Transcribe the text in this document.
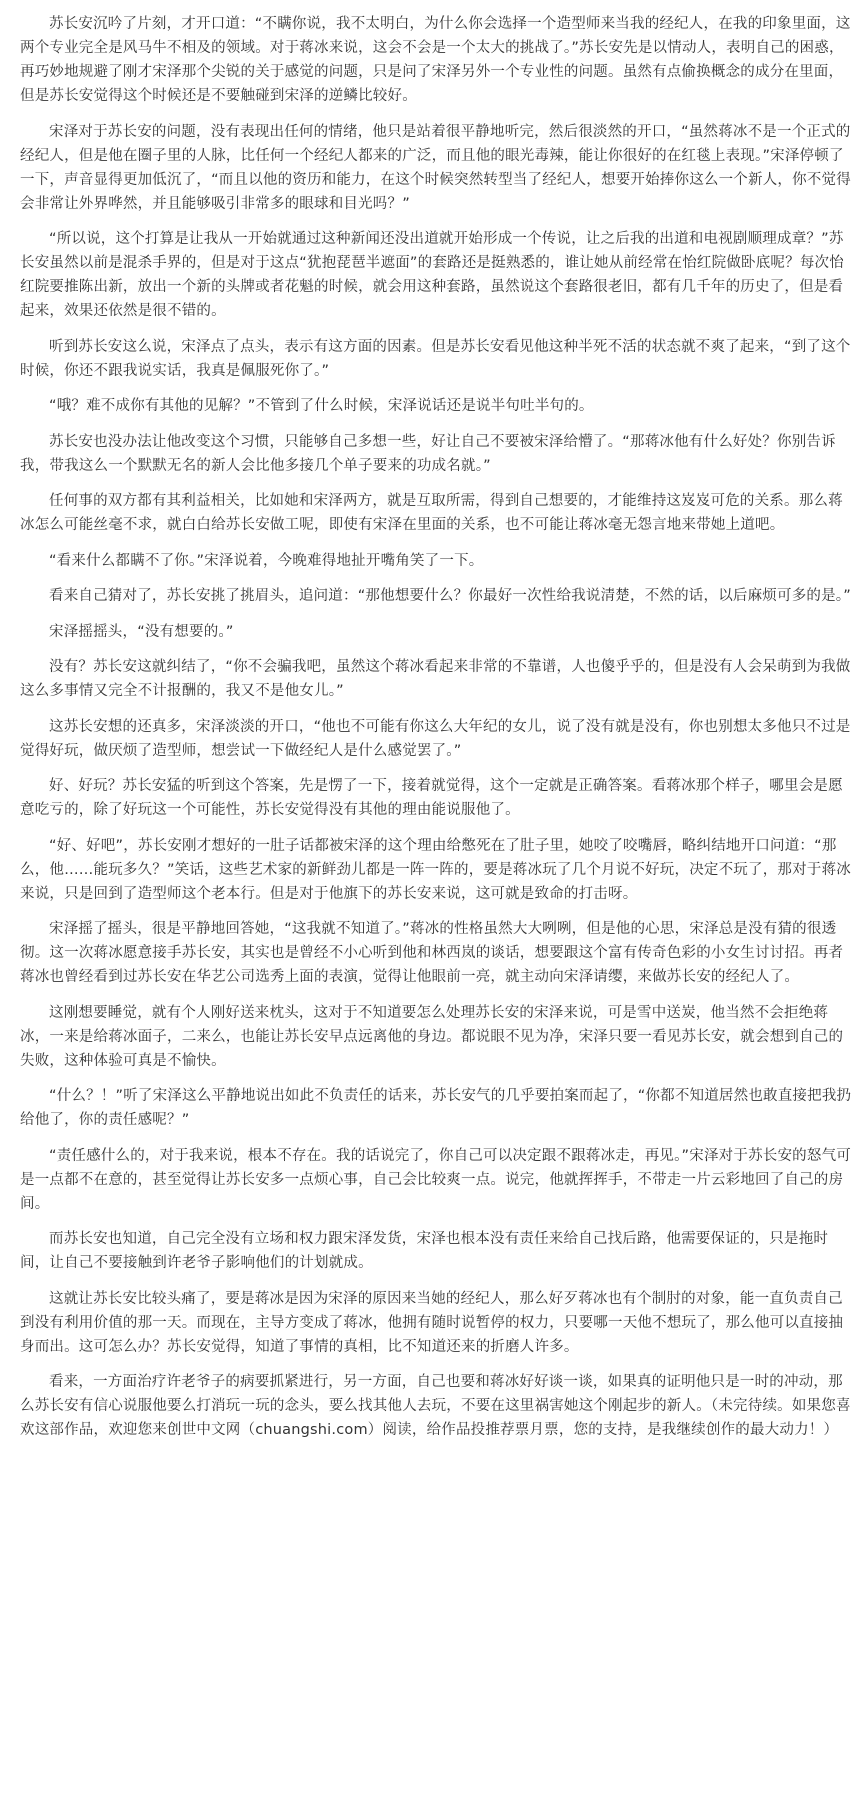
苏长安沉吟了片刻，才开口道：“不瞒你说，我不太明白，为什么你会选择一个造型师来当我的经纪人，在我的印象里面，这两个专业完全是风马牛不相及的领域。对于蒋冰来说，这会不会是一个太大的挑战了。”苏长安先是以情动人，表明自己的困惑，再巧妙地规避了刚才宋泽那个尖锐的关于感觉的问题，只是问了宋泽另外一个专业性的问题。虽然有点偷换概念的成分在里面，但是苏长安觉得这个时候还是不要触碰到宋泽的逆鳞比较好。

宋泽对于苏长安的问题，没有表现出任何的情绪，他只是站着很平静地听完，然后很淡然的开口，“虽然蒋冰不是一个正式的经纪人，但是他在圈子里的人脉，比任何一个经纪人都来的广泛，而且他的眼光毒辣，能让你很好的在红毯上表现。”宋泽停顿了一下，声音显得更加低沉了，“而且以他的资历和能力，在这个时候突然转型当了经纪人，想要开始捧你这么一个新人，你不觉得会非常让外界哗然，并且能够吸引非常多的眼球和目光吗？”

“所以说，这个打算是让我从一开始就通过这种新闻还没出道就开始形成一个传说，让之后我的出道和电视剧顺理成章？”苏长安虽然以前是混杀手界的，但是对于这点“犹抱琵琶半遮面”的套路还是挺熟悉的，谁让她从前经常在怡红院做卧底呢？每次怡红院要推陈出新，放出一个新的头牌或者花魁的时候，就会用这种套路，虽然说这个套路很老旧，都有几千年的历史了，但是看起来，效果还依然是很不错的。

听到苏长安这么说，宋泽点了点头，表示有这方面的因素。但是苏长安看见他这种半死不活的状态就不爽了起来，“到了这个时候，你还不跟我说实话，我真是佩服死你了。”

“哦？难不成你有其他的见解？”不管到了什么时候，宋泽说话还是说半句吐半句的。

苏长安也没办法让他改变这个习惯，只能够自己多想一些，好让自己不要被宋泽给懵了。“那蒋冰他有什么好处？你别告诉我，带我这么一个默默无名的新人会比他多接几个单子要来的功成名就。”

任何事的双方都有其利益相关，比如她和宋泽两方，就是互取所需，得到自己想要的，才能维持这岌岌可危的关系。那么蒋冰怎么可能丝毫不求，就白白给苏长安做工呢，即使有宋泽在里面的关系，也不可能让蒋冰毫无怨言地来带她上道吧。

“看来什么都瞒不了你。”宋泽说着，今晚难得地扯开嘴角笑了一下。

看来自己猜对了，苏长安挑了挑眉头，追问道：“那他想要什么？你最好一次性给我说清楚，不然的话，以后麻烦可多的是。”

宋泽摇摇头，“没有想要的。”

没有？苏长安这就纠结了，“你不会骗我吧，虽然这个蒋冰看起来非常的不靠谱，人也傻乎乎的，但是没有人会呆萌到为我做这么多事情又完全不计报酬的，我又不是他女儿。”

这苏长安想的还真多，宋泽淡淡的开口，“他也不可能有你这么大年纪的女儿，说了没有就是没有，你也别想太多他只不过是觉得好玩，做厌烦了造型师，想尝试一下做经纪人是什么感觉罢了。”

好、好玩？苏长安猛的听到这个答案，先是愣了一下，接着就觉得，这个一定就是正确答案。看蒋冰那个样子，哪里会是愿意吃亏的，除了好玩这一个可能性，苏长安觉得没有其他的理由能说服他了。

“好、好吧”，苏长安刚才想好的一肚子话都被宋泽的这个理由给憋死在了肚子里，她咬了咬嘴唇，略纠结地开口问道：“那么，他……能玩多久？”笑话，这些艺术家的新鲜劲儿都是一阵一阵的，要是蒋冰玩了几个月说不好玩，决定不玩了，那对于蒋冰来说，只是回到了造型师这个老本行。但是对于他旗下的苏长安来说，这可就是致命的打击呀。

宋泽摇了摇头，很是平静地回答她，“这我就不知道了。”蒋冰的性格虽然大大咧咧，但是他的心思，宋泽总是没有猜的很透彻。这一次蒋冰愿意接手苏长安，其实也是曾经不小心听到他和林西岚的谈话，想要跟这个富有传奇色彩的小女生讨讨招。再者蒋冰也曾经看到过苏长安在华艺公司选秀上面的表演，觉得让他眼前一亮，就主动向宋泽请缨，来做苏长安的经纪人了。

这刚想要睡觉，就有个人刚好送来枕头，这对于不知道要怎么处理苏长安的宋泽来说，可是雪中送炭，他当然不会拒绝蒋冰，一来是给蒋冰面子，二来么，也能让苏长安早点远离他的身边。都说眼不见为净，宋泽只要一看见苏长安，就会想到自己的失败，这种体验可真是不愉快。

“什么？！”听了宋泽这么平静地说出如此不负责任的话来，苏长安气的几乎要拍案而起了，“你都不知道居然也敢直接把我扔给他了，你的责任感呢？”

“责任感什么的，对于我来说，根本不存在。我的话说完了，你自己可以决定跟不跟蒋冰走，再见。”宋泽对于苏长安的怒气可是一点都不在意的，甚至觉得让苏长安多一点烦心事，自己会比较爽一点。说完，他就挥挥手，不带走一片云彩地回了自己的房间。

而苏长安也知道，自己完全没有立场和权力跟宋泽发货，宋泽也根本没有责任来给自己找后路，他需要保证的，只是拖时间，让自己不要接触到许老爷子影响他们的计划就成。

这就让苏长安比较头痛了，要是蒋冰是因为宋泽的原因来当她的经纪人，那么好歹蒋冰也有个制肘的对象，能一直负责自己到没有利用价值的那一天。而现在，主导方变成了蒋冰，他拥有随时说暂停的权力，只要哪一天他不想玩了，那么他可以直接抽身而出。这可怎么办？苏长安觉得，知道了事情的真相，比不知道还来的折磨人许多。

看来，一方面治疗许老爷子的病要抓紧进行，另一方面，自己也要和蒋冰好好谈一谈，如果真的证明他只是一时的冲动，那么苏长安有信心说服他要么打消玩一玩的念头，要么找其他人去玩，不要在这里祸害她这个刚起步的新人。（未完待续。如果您喜欢这部作品，欢迎您来创世中文网（chuangshi.com）阅读，给作品投推荐票月票，您的支持，是我继续创作的最大动力！）
